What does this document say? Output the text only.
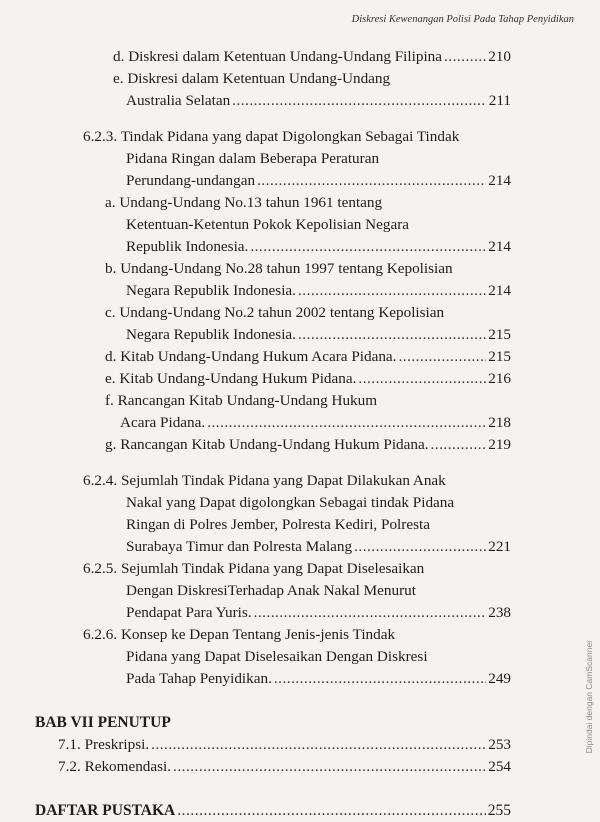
Diskresi Kewenangan Polisi Pada Tahap Penyidikan
d. Diskresi dalam Ketentuan Undang-Undang Filipina .....	210
e. Diskresi dalam Ketentuan Undang-Undang
Australia Selatan .....	211
6.2.3. Tindak Pidana yang dapat Digolongkan Sebagai Tindak
Pidana Ringan dalam Beberapa Peraturan
Perundang-undangan .....	214
a. Undang-Undang No.13 tahun 1961 tentang
Ketentuan-Ketentun Pokok Kepolisian Negara
Republik Indonesia. .....	214
b. Undang-Undang No.28 tahun 1997 tentang Kepolisian
Negara Republik Indonesia. .....	214
c. Undang-Undang No.2 tahun 2002 tentang Kepolisian
Negara Republik Indonesia. .....	215
d. Kitab Undang-Undang Hukum Acara Pidana. .....	215
e. Kitab Undang-Undang Hukum Pidana. .....	216
f. Rancangan Kitab Undang-Undang Hukum
Acara Pidana. .....	218
g. Rancangan Kitab Undang-Undang Hukum Pidana. .....	219
6.2.4. Sejumlah Tindak Pidana yang Dapat Dilakukan Anak
Nakal yang Dapat digolongkan Sebagai tindak Pidana
Ringan di Polres Jember, Polresta Kediri, Polresta
Surabaya Timur dan Polresta Malang .....	221
6.2.5. Sejumlah Tindak Pidana yang Dapat Diselesaikan
Dengan DiskresiTerhadap Anak Nakal Menurut
Pendapat Para Yuris. .....	238
6.2.6. Konsep ke Depan Tentang Jenis-jenis Tindak
Pidana yang Dapat Diselesaikan Dengan Diskresi
Pada Tahap Penyidikan. .....	249
BAB VII PENUTUP
7.1. Preskripsi. .....	253
7.2. Rekomendasi. .....	254
DAFTAR PUSTAKA .....	255
Dipindai dengan CamScanner
